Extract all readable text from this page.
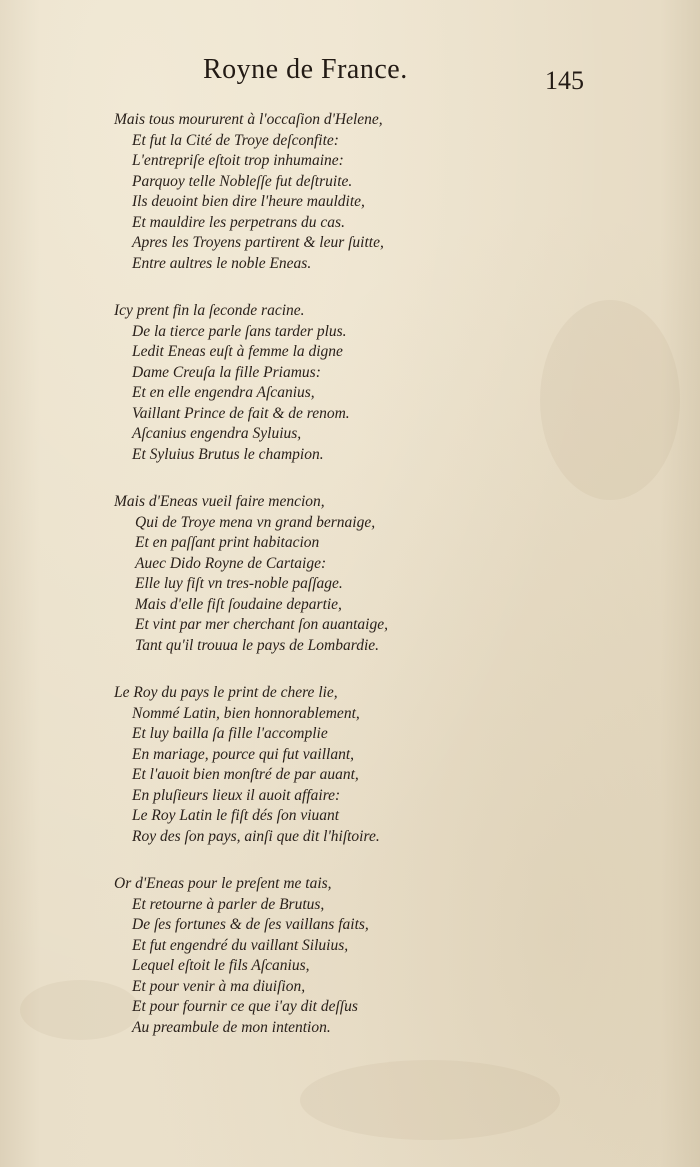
Royne de France.	145
Mais tous moururent à l'occaſion d'Helene,
Et fut la Cité de Troye deſconfite:
L'entrepriſe eſtoit trop inhumaine:
Parquoy telle Nobleſſe fut deſtruite.
Ils deuoint bien dire l'heure mauldite,
Et mauldire les perpetrans du cas.
Apres les Troyens partirent & leur ſuitte,
Entre aultres le noble Eneas.
Icy prent fin la ſeconde racine.
De la tierce parle ſans tarder plus.
Ledit Eneas euſt à femme la digne
Dame Creuſa la fille Priamus:
Et en elle engendra Aſcanius,
Vaillant Prince de fait & de renom.
Aſcanius engendra Syluius,
Et Syluius Brutus le champion.
Mais d'Eneas vueil faire mencion,
Qui de Troye mena vn grand bernaige,
Et en paſſant print habitacion
Auec Dido Royne de Cartaige:
Elle luy fiſt vn tres-noble paſſage.
Mais d'elle fiſt ſoudaine departie,
Et vint par mer cherchant ſon auantaige,
Tant qu'il trouua le pays de Lombardie.
Le Roy du pays le print de chere lie,
Nommé Latin, bien honnorablement,
Et luy bailla ſa fille l'accomplie
En mariage, pource qui fut vaillant,
Et l'auoit bien monſtré de par auant,
En pluſieurs lieux il auoit affaire:
Le Roy Latin le fiſt dés ſon viuant
Roy des ſon pays, ainſi que dit l'hiſtoire.
Or d'Eneas pour le preſent me tais,
Et retourne à parler de Brutus,
De ſes fortunes & de ſes vaillans faits,
Et fut engendré du vaillant Siluius,
Lequel eſtoit le fils Aſcanius,
Et pour venir à ma diuiſion,
Et pour fournir ce que i'ay dit deſſus
Au preambule de mon intention.
